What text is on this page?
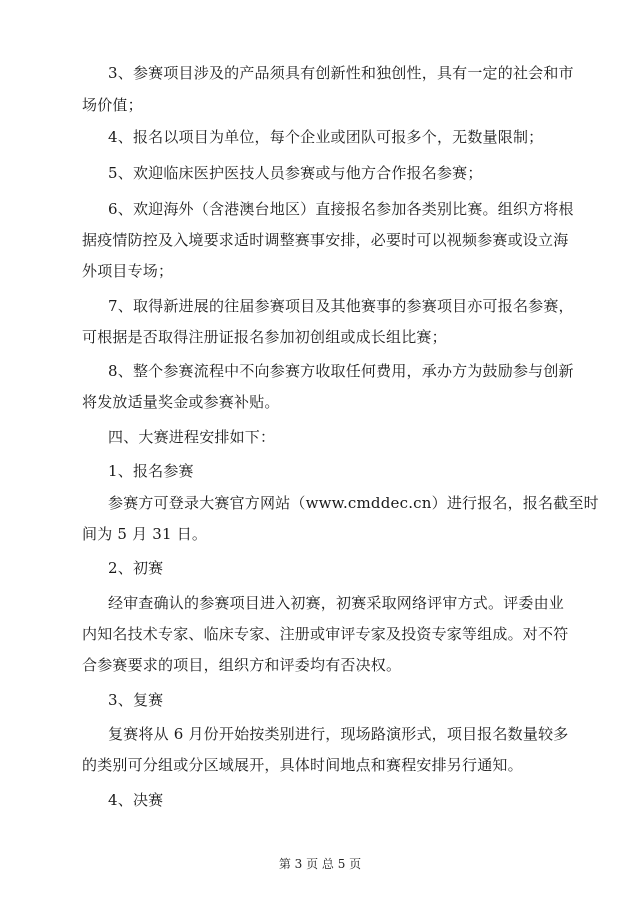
3、参赛项目涉及的产品须具有创新性和独创性，具有一定的社会和市
场价值；
4、报名以项目为单位，每个企业或团队可报多个，无数量限制；
5、欢迎临床医护医技人员参赛或与他方合作报名参赛；
6、欢迎海外（含港澳台地区）直接报名参加各类别比赛。组织方将根
据疫情防控及入境要求适时调整赛事安排，必要时可以视频参赛或设立海
外项目专场；
7、取得新进展的往届参赛项目及其他赛事的参赛项目亦可报名参赛，
可根据是否取得注册证报名参加初创组或成长组比赛；
8、整个参赛流程中不向参赛方收取任何费用，承办方为鼓励参与创新
将发放适量奖金或参赛补贴。
四、大赛进程安排如下：
1、报名参赛
参赛方可登录大赛官方网站（www.cmddec.cn）进行报名，报名截至时
间为 5 月 31 日。
2、初赛
经审查确认的参赛项目进入初赛，初赛采取网络评审方式。评委由业
内知名技术专家、临床专家、注册或审评专家及投资专家等组成。对不符
合参赛要求的项目，组织方和评委均有否决权。
3、复赛
复赛将从 6 月份开始按类别进行，现场路演形式，项目报名数量较多
的类别可分组或分区域展开，具体时间地点和赛程安排另行通知。
4、决赛
第 3 页 总 5 页
